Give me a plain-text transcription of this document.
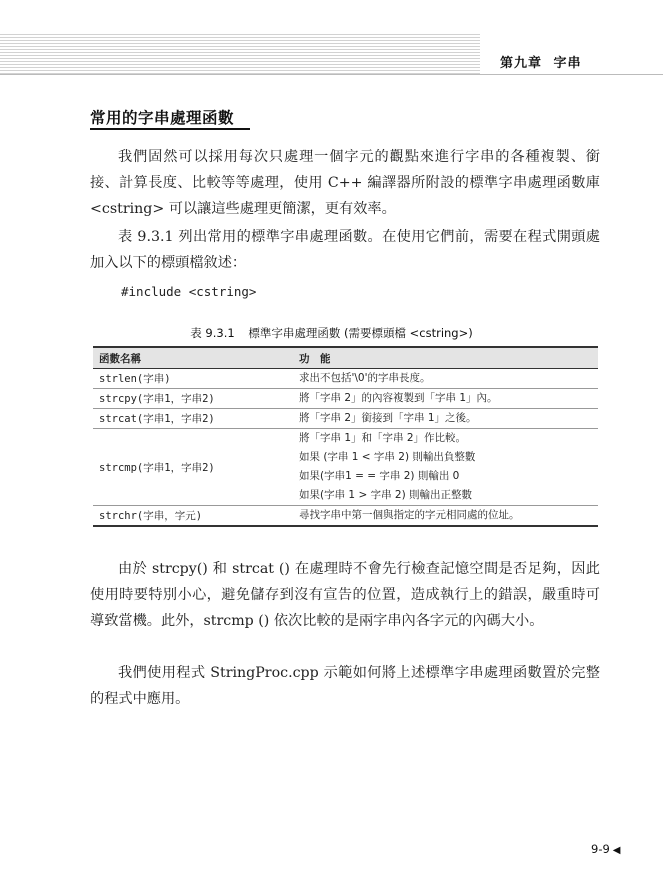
第九章 字串
常用的字串處理函數

我們固然可以採用每次只處理一個字元的觀點來進行字串的各種複製、銜接、計算長度、比較等等處理，使用 C++ 編譯器所附設的標準字串處理函數庫 <cstring> 可以讓這些處理更簡潔，更有效率。

表 9.3.1 列出常用的標準字串處理函數。在使用它們前，需要在程式開頭處加入以下的標頭檔敘述：

#include <cstring>
表 9.3.1 標準字串處理函數 (需要標頭檔 <cstring>)
函數名稱	功　能
strlen(字串)	求出不包括'\0'的字串長度。

strcpy(字串1，字串2)	將「字串 2」的內容複製到「字串 1」內。

strcat(字串1，字串2)	將「字串 2」銜接到「字串 1」之後。

strcmp(字串1，字串2)	將「字串 1」和「字串 2」作比較。
如果 (字串 1 < 字串 2) 則輸出負整數
如果(字串1 = = 字串 2) 則輸出 0
如果(字串 1 > 字串 2) 則輸出正整數

strchr(字串，字元)	尋找字串中第一個與指定的字元相同處的位址。

由於 strcpy() 和 strcat () 在處理時不會先行檢查記憶空間是否足夠，因此使用時要特別小心，避免儲存到沒有宣告的位置，造成執行上的錯誤，嚴重時可導致當機。此外，strcmp () 依次比較的是兩字串內各字元的內碼大小。

我們使用程式 StringProc.cpp 示範如何將上述標準字串處理函數置於完整的程式中應用。

9-9 ◀
